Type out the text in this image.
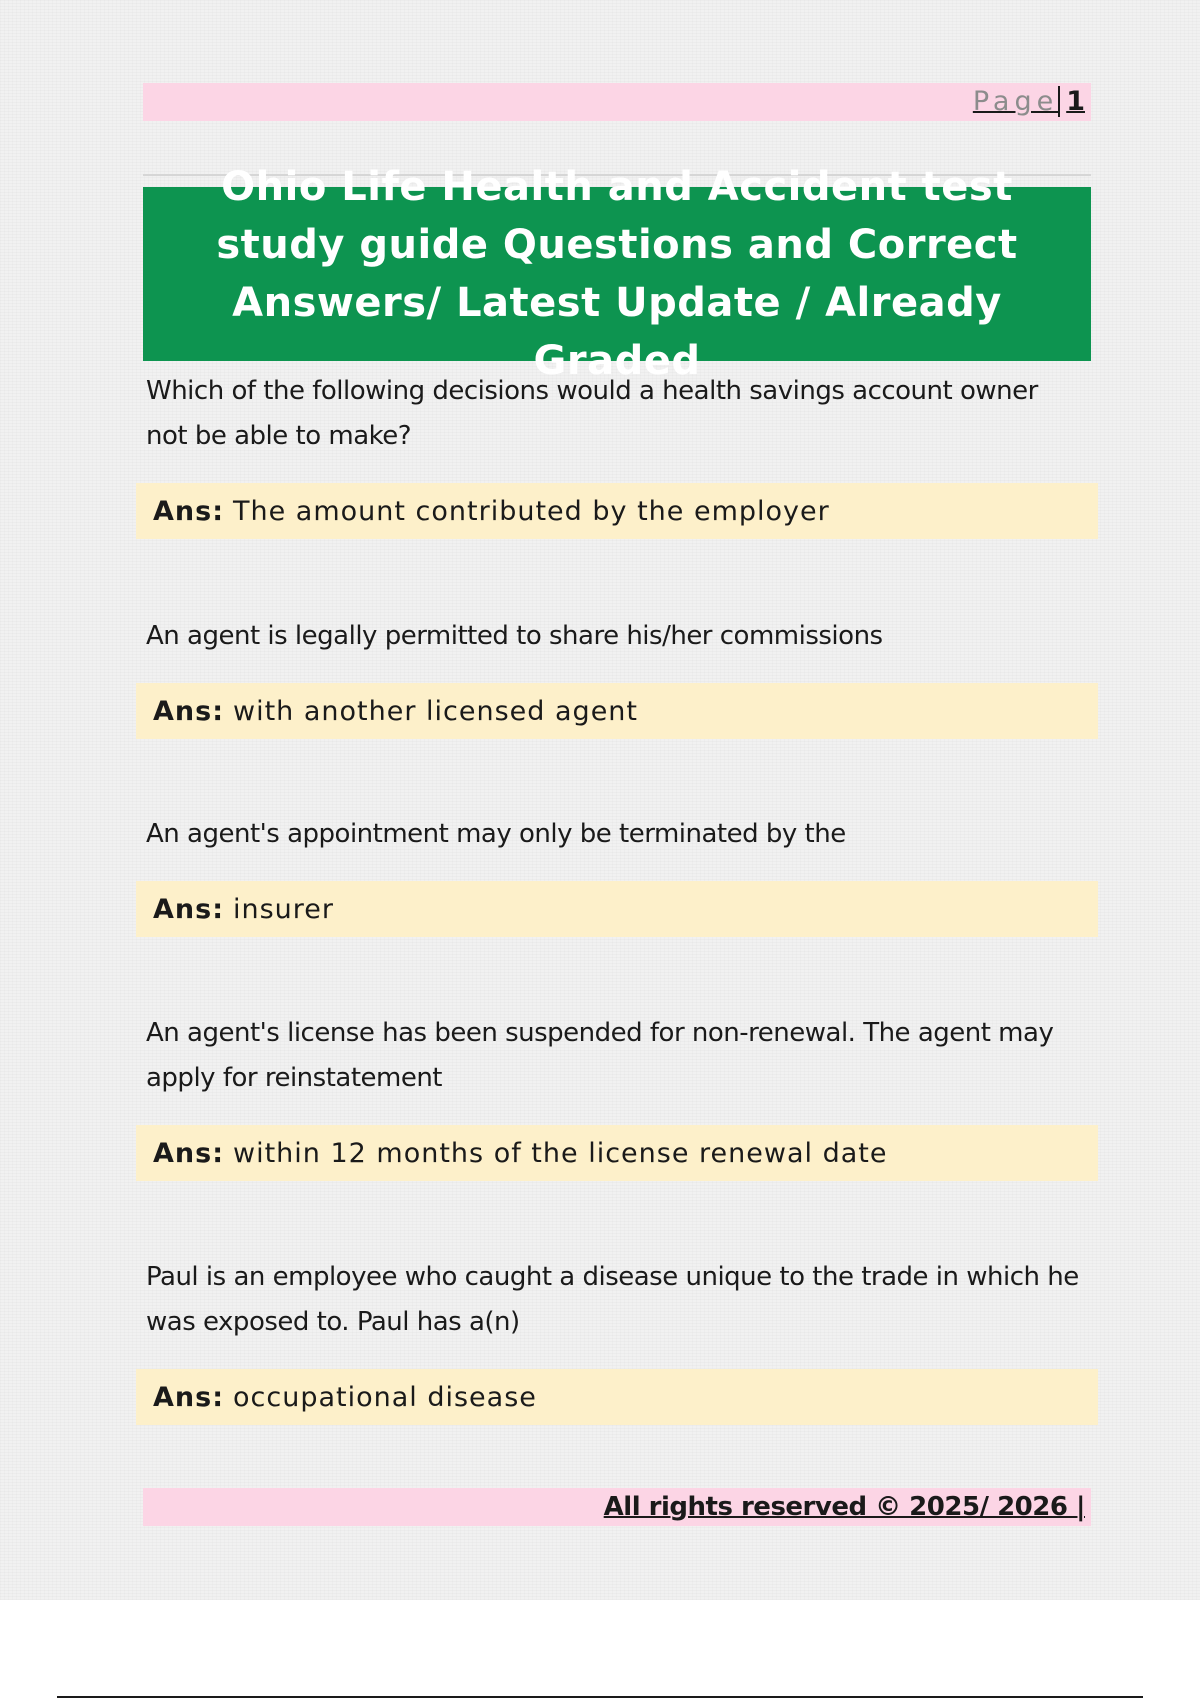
Page 1
Ohio Life Health and Accident test study guide Questions and Correct Answers/ Latest Update / Already Graded

Which of the following decisions would a health savings account owner not be able to make?

Ans: The amount contributed by the employer

An agent is legally permitted to share his/her commissions

Ans: with another licensed agent

An agent's appointment may only be terminated by the

Ans: insurer

An agent's license has been suspended for non-renewal. The agent may apply for reinstatement

Ans: within 12 months of the license renewal date

Paul is an employee who caught a disease unique to the trade in which he was exposed to. Paul has a(n)

Ans: occupational disease
All rights reserved © 2025/ 2026 |
